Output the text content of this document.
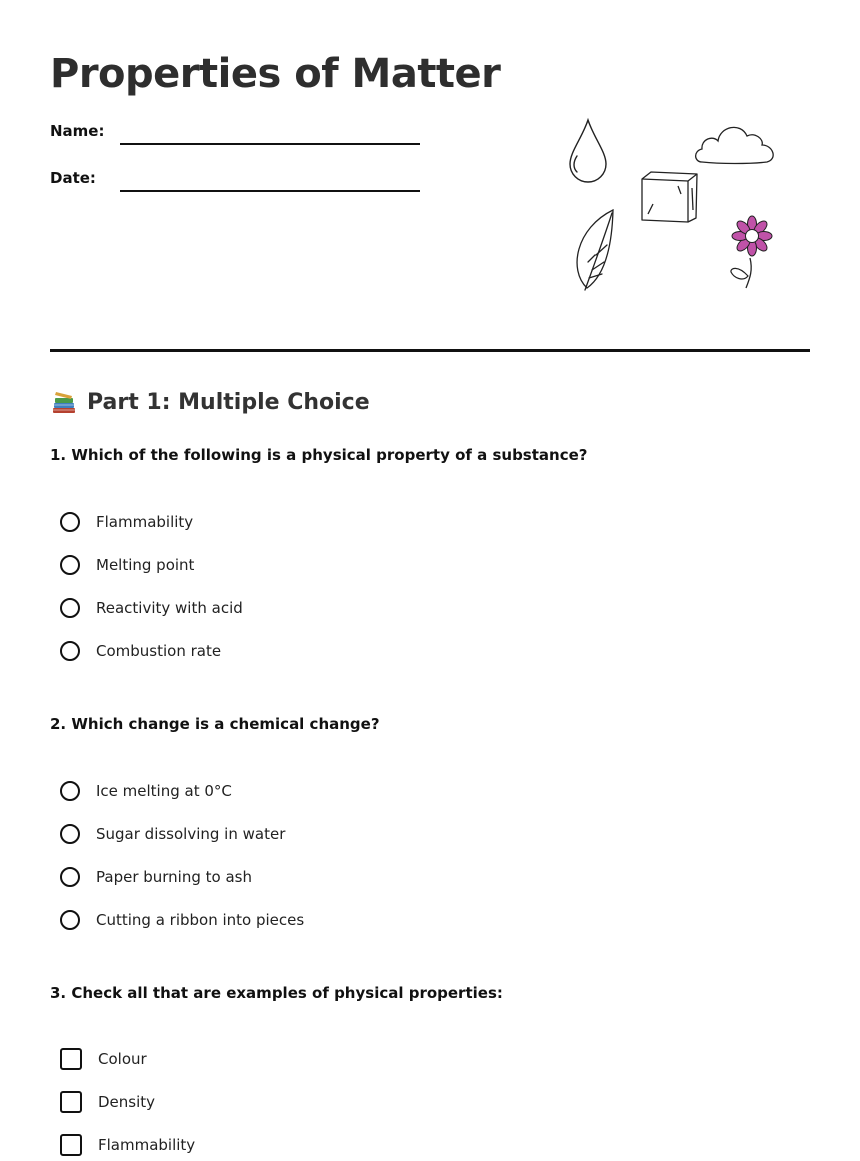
Properties of Matter
Name:
Date:
Part 1: Multiple Choice
1. Which of the following is a physical property of a substance?
Flammability
Melting point
Reactivity with acid
Combustion rate
2. Which change is a chemical change?
Ice melting at 0°C
Sugar dissolving in water
Paper burning to ash
Cutting a ribbon into pieces
3. Check all that are examples of physical properties:
Colour
Density
Flammability
